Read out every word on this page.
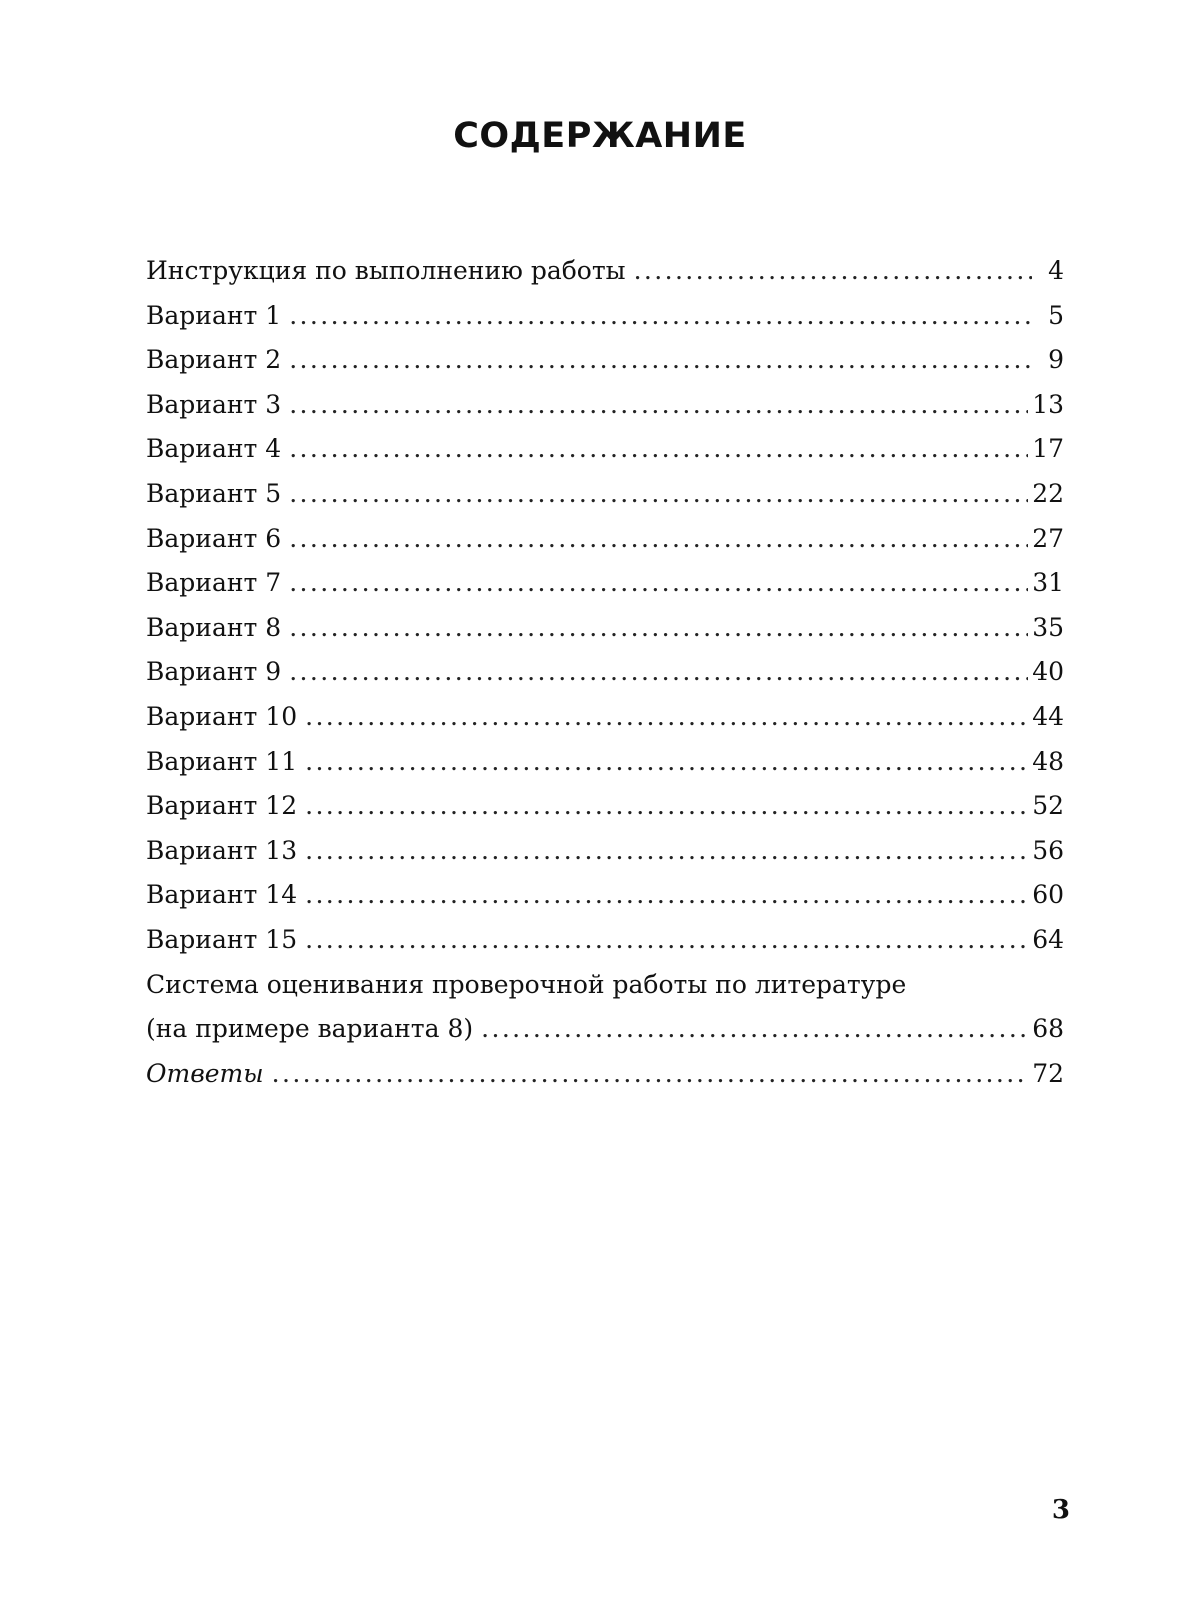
СОДЕРЖАНИЕ
Инструкция по выполнению работы .....	4
Вариант 1 .....	5
Вариант 2 .....	9
Вариант 3 .....	13
Вариант 4 .....	17
Вариант 5 .....	22
Вариант 6 .....	27
Вариант 7 .....	31
Вариант 8 .....	35
Вариант 9 .....	40
Вариант 10 .....	44
Вариант 11 .....	48
Вариант 12 .....	52
Вариант 13 .....	56
Вариант 14 .....	60
Вариант 15 .....	64
Система оценивания проверочной работы по литературе
(на примере варианта 8) .....	68
Ответы .....	72
3
